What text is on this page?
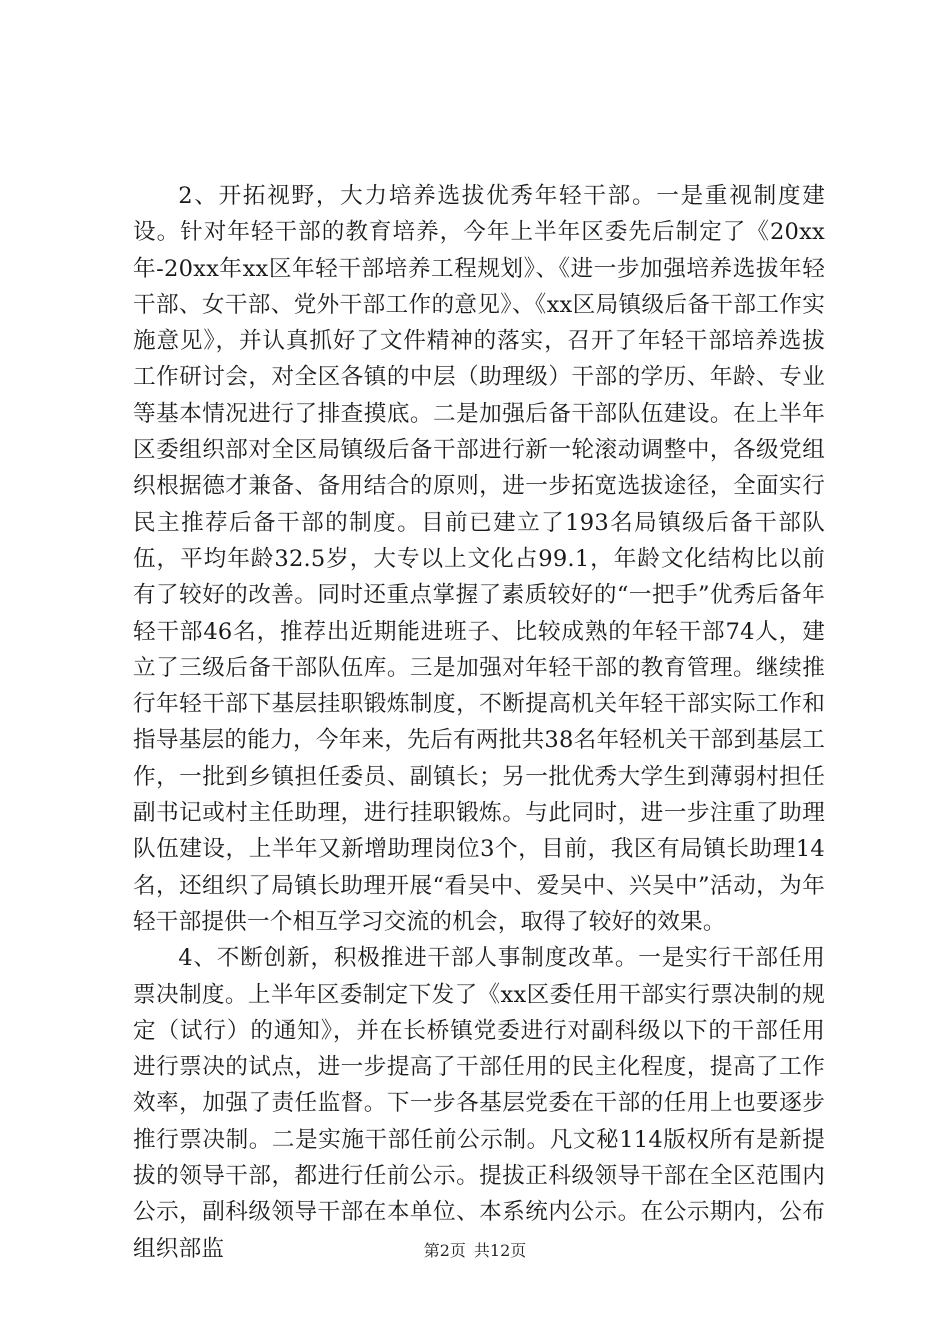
2、开拓视野，大力培养选拔优秀年轻干部。一是重视制度建设。针对年轻干部的教育培养，今年上半年区委先后制定了《20xx年-20xx年xx区年轻干部培养工程规划》、《进一步加强培养选拔年轻干部、女干部、党外干部工作的意见》、《xx区局镇级后备干部工作实施意见》，并认真抓好了文件精神的落实，召开了年轻干部培养选拔工作研讨会，对全区各镇的中层（助理级）干部的学历、年龄、专业等基本情况进行了排查摸底。二是加强后备干部队伍建设。在上半年区委组织部对全区局镇级后备干部进行新一轮滚动调整中，各级党组织根据德才兼备、备用结合的原则，进一步拓宽选拔途径，全面实行民主推荐后备干部的制度。目前已建立了193名局镇级后备干部队伍，平均年龄32.5岁，大专以上文化占99.1，年龄文化结构比以前有了较好的改善。同时还重点掌握了素质较好的“一把手”优秀后备年轻干部46名，推荐出近期能进班子、比较成熟的年轻干部74人，建立了三级后备干部队伍库。三是加强对年轻干部的教育管理。继续推行年轻干部下基层挂职锻炼制度，不断提高机关年轻干部实际工作和指导基层的能力，今年来，先后有两批共38名年轻机关干部到基层工作，一批到乡镇担任委员、副镇长；另一批优秀大学生到薄弱村担任副书记或村主任助理，进行挂职锻炼。与此同时，进一步注重了助理队伍建设，上半年又新增助理岗位3个，目前，我区有局镇长助理14名，还组织了局镇长助理开展“看吴中、爱吴中、兴吴中”活动，为年轻干部提供一个相互学习交流的机会，取得了较好的效果。

4、不断创新，积极推进干部人事制度改革。一是实行干部任用票决制度。上半年区委制定下发了《xx区委任用干部实行票决制的规定（试行）的通知》，并在长桥镇党委进行对副科级以下的干部任用进行票决的试点，进一步提高了干部任用的民主化程度，提高了工作效率，加强了责任监督。下一步各基层党委在干部的任用上也要逐步推行票决制。二是实施干部任前公示制。凡文秘114版权所有是新提拔的领导干部，都进行任前公示。提拔正科级领导干部在全区范围内公示，副科级领导干部在本单位、本系统内公示。在公示期内，公布组织部监	第2页 共12页
